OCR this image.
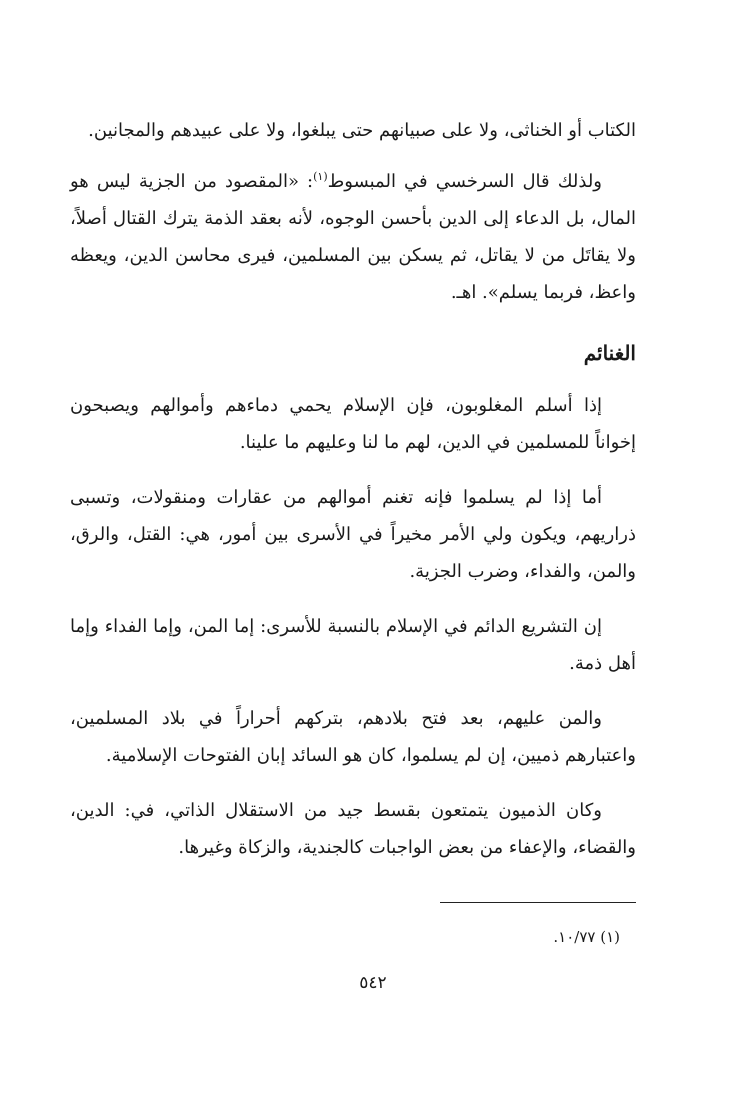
الكتاب أو الخناثى، ولا على صبيانهم حتى يبلغوا، ولا على عبيدهم والمجانين.

ولذلك قال السرخسي في المبسوط$^{(١)}$: «المقصود من الجزية ليس هو المال، بل الدعاء إلى الدين بأحسن الوجوه، لأنه بعقد الذمة يترك القتال أصلاً، ولا يقاتَل من لا يقاتل، ثم يسكن بين المسلمين، فيرى محاسن الدين، ويعظه واعظ، فربما يسلم». اهـ.

الغنائم

إذا أسلم المغلوبون، فإن الإسلام يحمي دماءهم وأموالهم ويصبحون إخواناً للمسلمين في الدين، لهم ما لنا وعليهم ما علينا.

أما إذا لم يسلموا فإنه تغنم أموالهم من عقارات ومنقولات، وتسبى ذراريهم، ويكون ولي الأمر مخيراً في الأسرى بين أمور، هي: القتل، والرق، والمن، والفداء، وضرب الجزية.

إن التشريع الدائم في الإسلام بالنسبة للأسرى: إما المن، وإما الفداء وإما أهل ذمة.

والمن عليهم، بعد فتح بلادهم، بتركهم أحراراً في بلاد المسلمين، واعتبارهم ذميين، إن لم يسلموا، كان هو السائد إبان الفتوحات الإسلامية.

وكان الذميون يتمتعون بقسط جيد من الاستقلال الذاتي، في: الدين، والقضاء، والإعفاء من بعض الواجبات كالجندية، والزكاة وغيرها.

(١) ١٠/٧٧.
٥٤٢
